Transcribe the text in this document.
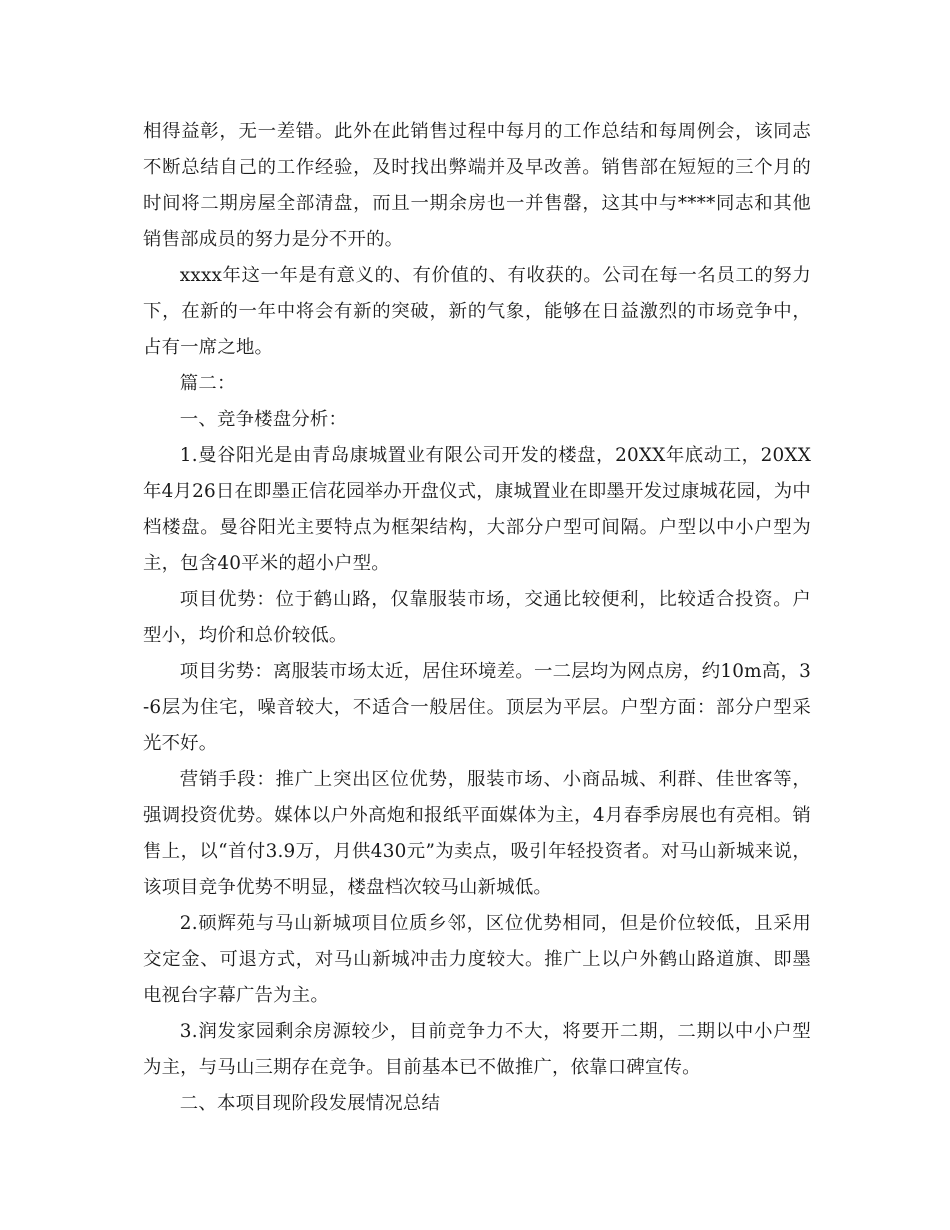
相得益彰，无一差错。此外在此销售过程中每月的工作总结和每周例会，该同志不断总结自己的工作经验，及时找出弊端并及早改善。销售部在短短的三个月的时间将二期房屋全部清盘，而且一期余房也一并售罄，这其中与****同志和其他销售部成员的努力是分不开的。

xxxx年这一年是有意义的、有价值的、有收获的。公司在每一名员工的努力下，在新的一年中将会有新的突破，新的气象，能够在日益激烈的市场竞争中，占有一席之地。

篇二：

一、竞争楼盘分析：

1.曼谷阳光是由青岛康城置业有限公司开发的楼盘，20XX年底动工，20XX年4月26日在即墨正信花园举办开盘仪式，康城置业在即墨开发过康城花园，为中档楼盘。曼谷阳光主要特点为框架结构，大部分户型可间隔。户型以中小户型为主，包含40平米的超小户型。

项目优势：位于鹤山路，仅靠服装市场，交通比较便利，比较适合投资。户型小，均价和总价较低。

项目劣势：离服装市场太近，居住环境差。一二层均为网点房，约10m高，3-6层为住宅，噪音较大，不适合一般居住。顶层为平层。户型方面：部分户型采光不好。

营销手段：推广上突出区位优势，服装市场、小商品城、利群、佳世客等，强调投资优势。媒体以户外高炮和报纸平面媒体为主，4月春季房展也有亮相。销售上，以“首付3.9万，月供430元”为卖点，吸引年轻投资者。对马山新城来说，该项目竞争优势不明显，楼盘档次较马山新城低。

2.硕辉苑与马山新城项目位质乡邻，区位优势相同，但是价位较低，且采用交定金、可退方式，对马山新城冲击力度较大。推广上以户外鹤山路道旗、即墨电视台字幕广告为主。

3.润发家园剩余房源较少，目前竞争力不大，将要开二期，二期以中小户型为主，与马山三期存在竞争。目前基本已不做推广，依靠口碑宣传。

二、本项目现阶段发展情况总结
